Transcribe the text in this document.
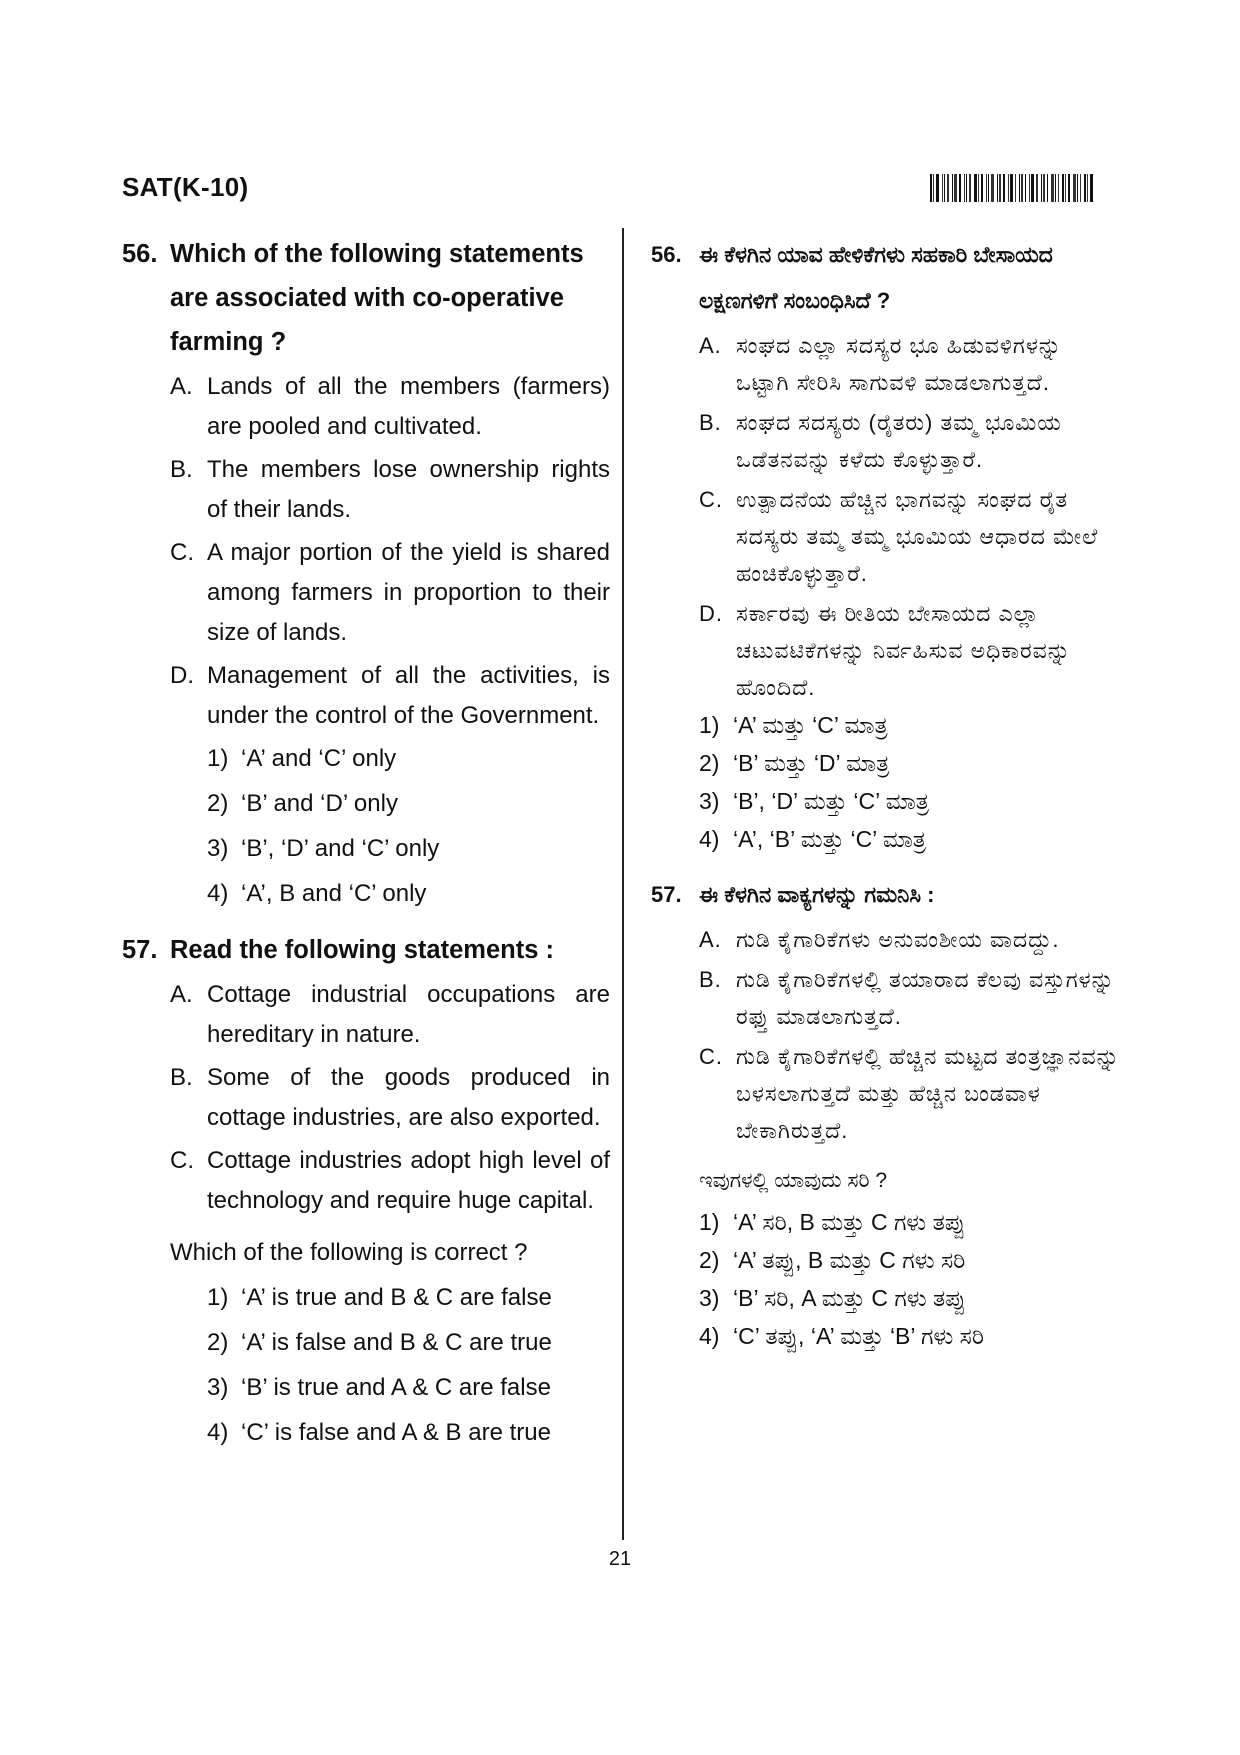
SAT(K-10)
56. Which of the following statements are associated with co-operative farming ?
A. Lands of all the members (farmers) are pooled and cultivated.
B. The members lose ownership rights of their lands.
C. A major portion of the yield is shared among farmers in proportion to their size of lands.
D. Management of all the activities, is under the control of the Government.
1) ‘A’ and ‘C’ only
2) ‘B’ and ‘D’ only
3) ‘B’, ‘D’ and ‘C’ only
4) ‘A’, B and ‘C’ only
57. Read the following statements :
A. Cottage industrial occupations are hereditary in nature.
B. Some of the goods produced in cottage industries, are also exported.
C. Cottage industries adopt high level of technology and require huge capital.
Which of the following is correct ?
1) ‘A’ is true and B & C are false
2) ‘A’ is false and B & C are true
3) ‘B’ is true and A & C are false
4) ‘C’ is false and A & B are true
56. ಈ ಕೆಳಗಿನ ಯಾವ ಹೇಳಿಕೆಗಳು ಸಹಕಾರಿ ಬೇಸಾಯದ ಲಕ್ಷಣಗಳಿಗೆ ಸಂಬಂಧಿಸಿದೆ ?
A. ಸಂಘದ ಎಲ್ಲಾ ಸದಸ್ಯರ ಭೂ ಹಿಡುವಳಿಗಳನ್ನು ಒಟ್ಟಾಗಿ ಸೇರಿಸಿ ಸಾಗುವಳಿ ಮಾಡಲಾಗುತ್ತದೆ.
B. ಸಂಘದ ಸದಸ್ಯರು (ರೈತರು) ತಮ್ಮ ಭೂಮಿಯ ಒಡೆತನವನ್ನು ಕಳೆದು ಕೊಳ್ಳುತ್ತಾರೆ.
C. ಉತ್ಪಾದನೆಯ ಹೆಚ್ಚಿನ ಭಾಗವನ್ನು ಸಂಘದ ರೈತ ಸದಸ್ಯರು ತಮ್ಮ ತಮ್ಮ ಭೂಮಿಯ ಆಧಾರದ ಮೇಲೆ ಹಂಚಿಕೊಳ್ಳುತ್ತಾರೆ.
D. ಸರ್ಕಾರವು ಈ ರೀತಿಯ ಬೇಸಾಯದ ಎಲ್ಲಾ ಚಟುವಟಿಕೆಗಳನ್ನು ನಿರ್ವಹಿಸುವ ಅಧಿಕಾರವನ್ನು ಹೊಂದಿದೆ.
1) ‘A’ ಮತ್ತು ‘C’ ಮಾತ್ರ
2) ‘B’ ಮತ್ತು ‘D’ ಮಾತ್ರ
3) ‘B’, ‘D’ ಮತ್ತು ‘C’ ಮಾತ್ರ
4) ‘A’, ‘B’ ಮತ್ತು ‘C’ ಮಾತ್ರ
57. ಈ ಕೆಳಗಿನ ವಾಕ್ಯಗಳನ್ನು ಗಮನಿಸಿ :
A. ಗುಡಿ ಕೈಗಾರಿಕೆಗಳು ಅನುವಂಶೀಯ ವಾದದ್ದು.
B. ಗುಡಿ ಕೈಗಾರಿಕೆಗಳಲ್ಲಿ ತಯಾರಾದ ಕೆಲವು ವಸ್ತುಗಳನ್ನು ರಫ್ತು ಮಾಡಲಾಗುತ್ತದೆ.
C. ಗುಡಿ ಕೈಗಾರಿಕೆಗಳಲ್ಲಿ ಹೆಚ್ಚಿನ ಮಟ್ಟದ ತಂತ್ರಜ್ಞಾನವನ್ನು ಬಳಸಲಾಗುತ್ತದೆ ಮತ್ತು ಹೆಚ್ಚಿನ ಬಂಡವಾಳ ಬೇಕಾಗಿರುತ್ತದೆ.
ಇವುಗಳಲ್ಲಿ ಯಾವುದು ಸರಿ ?
1) ‘A’ ಸರಿ, B ಮತ್ತು C ಗಳು ತಪ್ಪು
2) ‘A’ ತಪ್ಪು, B ಮತ್ತು C ಗಳು ಸರಿ
3) ‘B’ ಸರಿ, A ಮತ್ತು C ಗಳು ತಪ್ಪು
4) ‘C’ ತಪ್ಪು, ‘A’ ಮತ್ತು ‘B’ ಗಳು ಸರಿ
21
